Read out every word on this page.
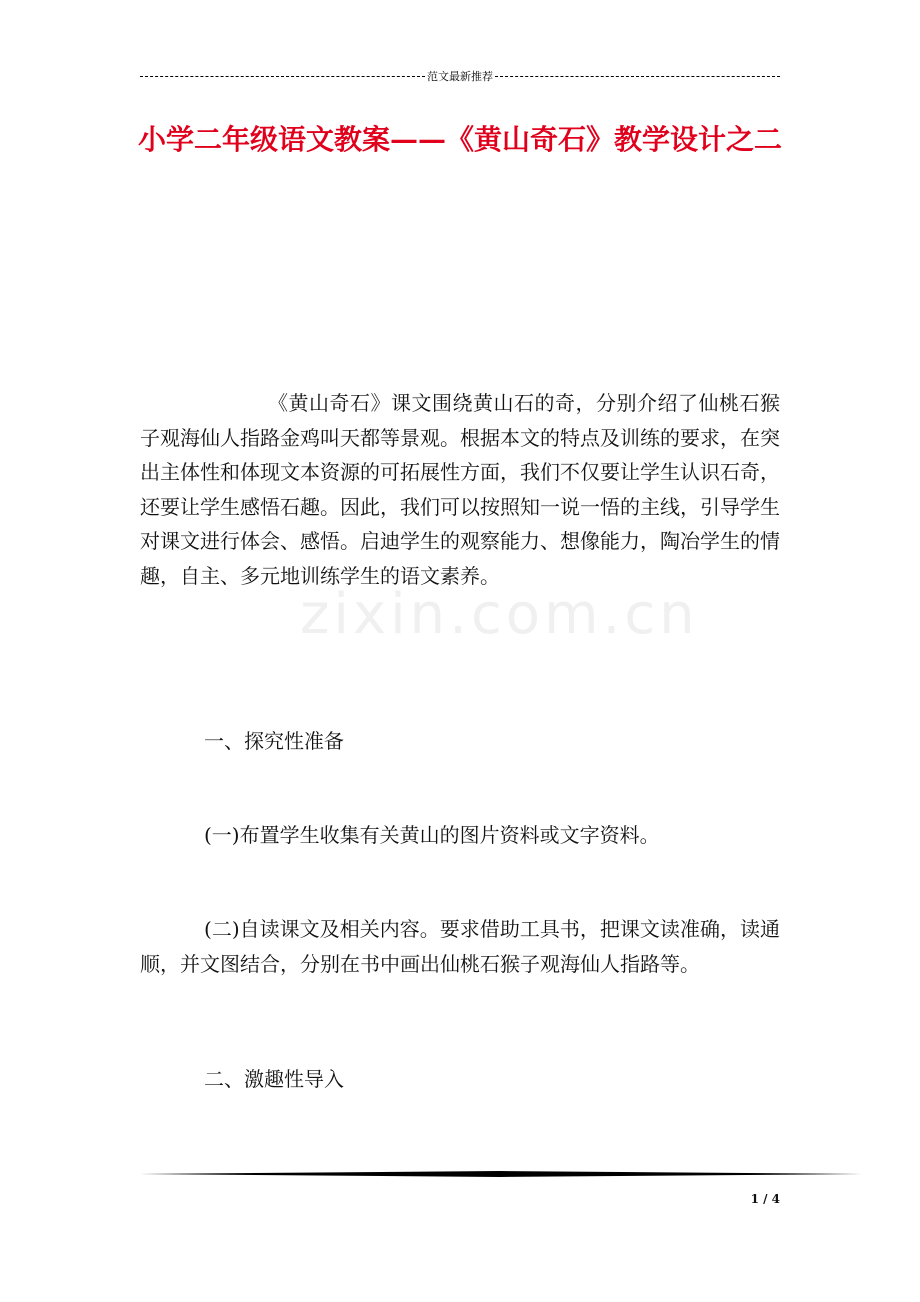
范文最新推荐
小学二年级语文教案——《黄山奇石》教学设计之二
zixin.com.cn

《黄山奇石》课文围绕黄山石的奇，分别介绍了仙桃石猴子观海仙人指路金鸡叫天都等景观。根据本文的特点及训练的要求，在突出主体性和体现文本资源的可拓展性方面，我们不仅要让学生认识石奇，还要让学生感悟石趣。因此，我们可以按照知一说一悟的主线，引导学生对课文进行体会、感悟。启迪学生的观察能力、想像能力，陶冶学生的情趣，自主、多元地训练学生的语文素养。

一、探究性准备

(一)布置学生收集有关黄山的图片资料或文字资料。

(二)自读课文及相关内容。要求借助工具书，把课文读准确，读通顺，并文图结合，分别在书中画出仙桃石猴子观海仙人指路等。

二、激趣性导入

1 / 4
